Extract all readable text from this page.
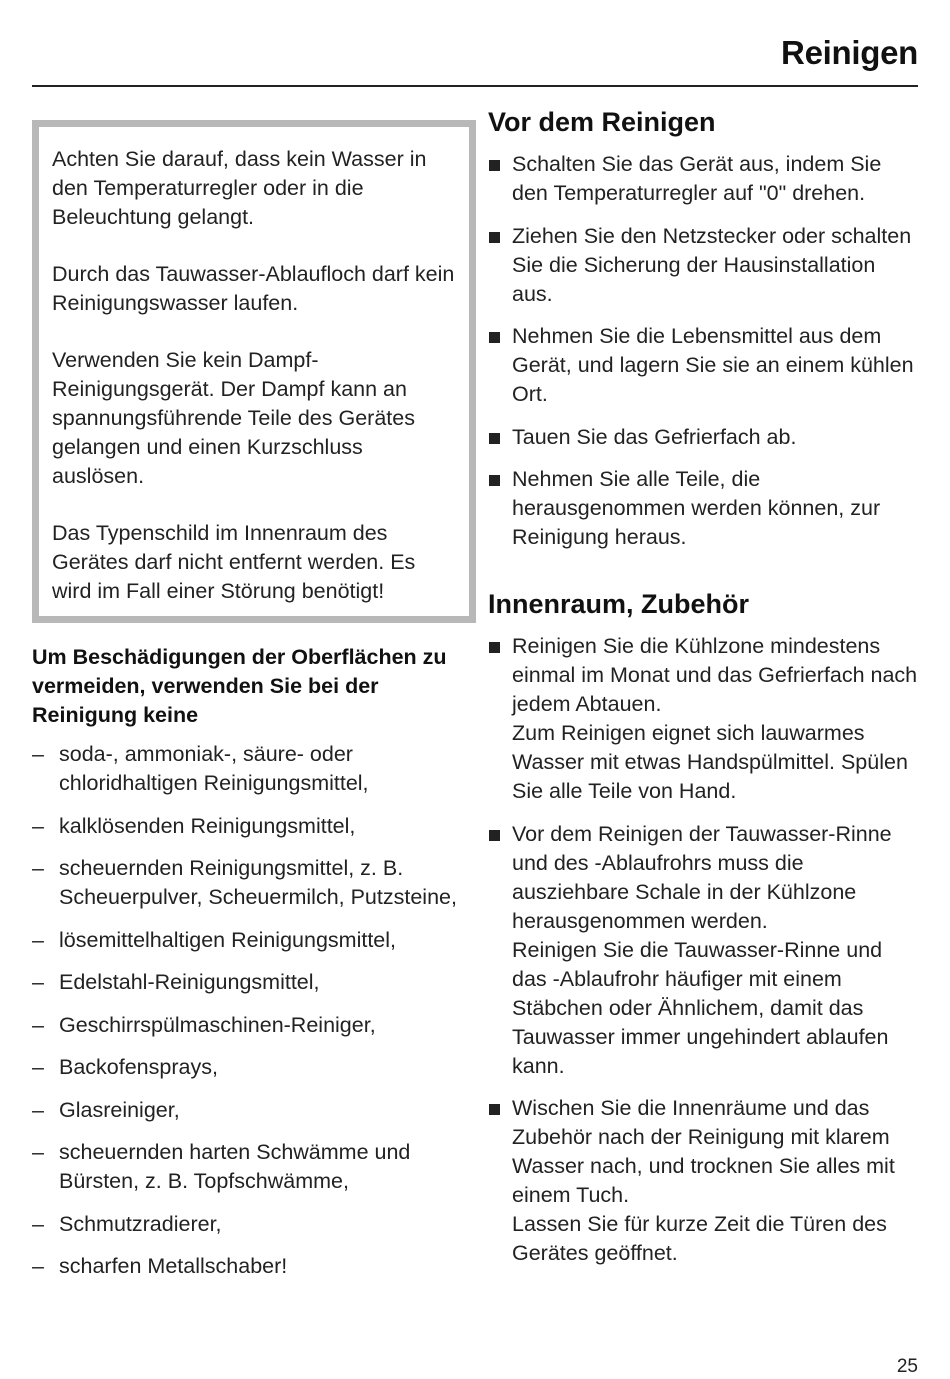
Reinigen

Achten Sie darauf, dass kein Wasser in den Temperaturregler oder in die Beleuchtung gelangt.

Durch das Tauwasser-Ablaufloch darf kein Reinigungswasser laufen.

Verwenden Sie kein Dampf-Reinigungsgerät. Der Dampf kann an spannungsführende Teile des Gerätes gelangen und einen Kurzschluss auslösen.

Das Typenschild im Innenraum des Gerätes darf nicht entfernt werden. Es wird im Fall einer Störung benötigt!

Um Beschädigungen der Oberflächen zu vermeiden, verwenden Sie bei der Reinigung keine

– soda-, ammoniak-, säure- oder chloridhaltigen Reinigungsmittel,
– kalklösenden Reinigungsmittel,
– scheuernden Reinigungsmittel, z. B. Scheuerpulver, Scheuermilch, Putzsteine,
– lösemittelhaltigen Reinigungsmittel,
– Edelstahl-Reinigungsmittel,
– Geschirrspülmaschinen-Reiniger,
– Backofensprays,
– Glasreiniger,
– scheuernden harten Schwämme und Bürsten, z. B. Topfschwämme,
– Schmutzradierer,
– scharfen Metallschaber!
Vor dem Reinigen

Schalten Sie das Gerät aus, indem Sie den Temperaturregler auf "0" drehen.

Ziehen Sie den Netzstecker oder schalten Sie die Sicherung der Hausinstallation aus.

Nehmen Sie die Lebensmittel aus dem Gerät, und lagern Sie sie an einem kühlen Ort.

Tauen Sie das Gefrierfach ab.

Nehmen Sie alle Teile, die herausgenommen werden können, zur Reinigung heraus.

Innenraum, Zubehör

Reinigen Sie die Kühlzone mindestens einmal im Monat und das Gefrierfach nach jedem Abtauen.

Zum Reinigen eignet sich lauwarmes Wasser mit etwas Handspülmittel. Spülen Sie alle Teile von Hand.

Vor dem Reinigen der Tauwasser-Rinne und des -Ablaufrohrs muss die ausziehbare Schale in der Kühlzone herausgenommen werden.

Reinigen Sie die Tauwasser-Rinne und das -Ablaufrohr häufiger mit einem Stäbchen oder Ähnlichem, damit das Tauwasser immer ungehindert ablaufen kann.

Wischen Sie die Innenräume und das Zubehör nach der Reinigung mit klarem Wasser nach, und trocknen Sie alles mit einem Tuch.

Lassen Sie für kurze Zeit die Türen des Gerätes geöffnet.

25
